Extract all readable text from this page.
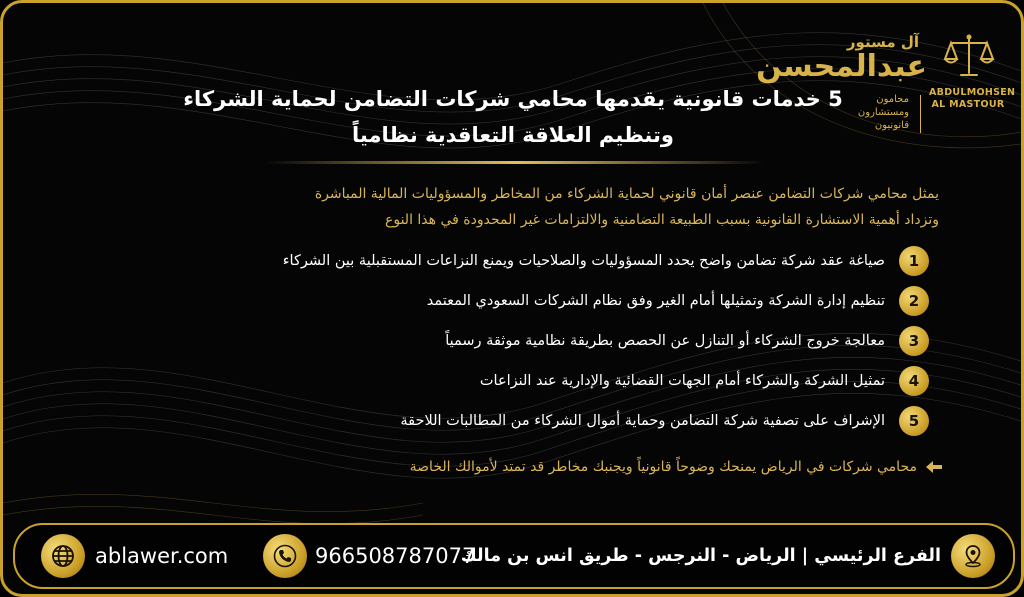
ABDULMOHSEN
AL MASTOUR
آل مستور
عبدالمحسن
محامون
ومستشارون
قانونيون
5 خدمات قانونية يقدمها محامي شركات التضامن لحماية الشركاء
وتنظيم العلاقة التعاقدية نظامياً
يمثل محامي شركات التضامن عنصر أمان قانوني لحماية الشركاء من المخاطر والمسؤوليات المالية المباشرة
وتزداد أهمية الاستشارة القانونية بسبب الطبيعة التضامنية والالتزامات غير المحدودة في هذا النوع
1
صياغة عقد شركة تضامن واضح يحدد المسؤوليات والصلاحيات ويمنع النزاعات المستقبلية بين الشركاء
2
تنظيم إدارة الشركة وتمثيلها أمام الغير وفق نظام الشركات السعودي المعتمد
3
معالجة خروج الشركاء أو التنازل عن الحصص بطريقة نظامية موثقة رسمياً
4
تمثيل الشركة والشركاء أمام الجهات القضائية والإدارية عند النزاعات
5
الإشراف على تصفية شركة التضامن وحماية أموال الشركاء من المطالبات اللاحقة
محامي شركات في الرياض يمنحك وضوحاً قانونياً ويجنبك مخاطر قد تمتد لأموالك الخاصة
ablawer.com	966508787077
الفرع الرئيسي | الرياض - النرجس - طريق انس بن مالك
